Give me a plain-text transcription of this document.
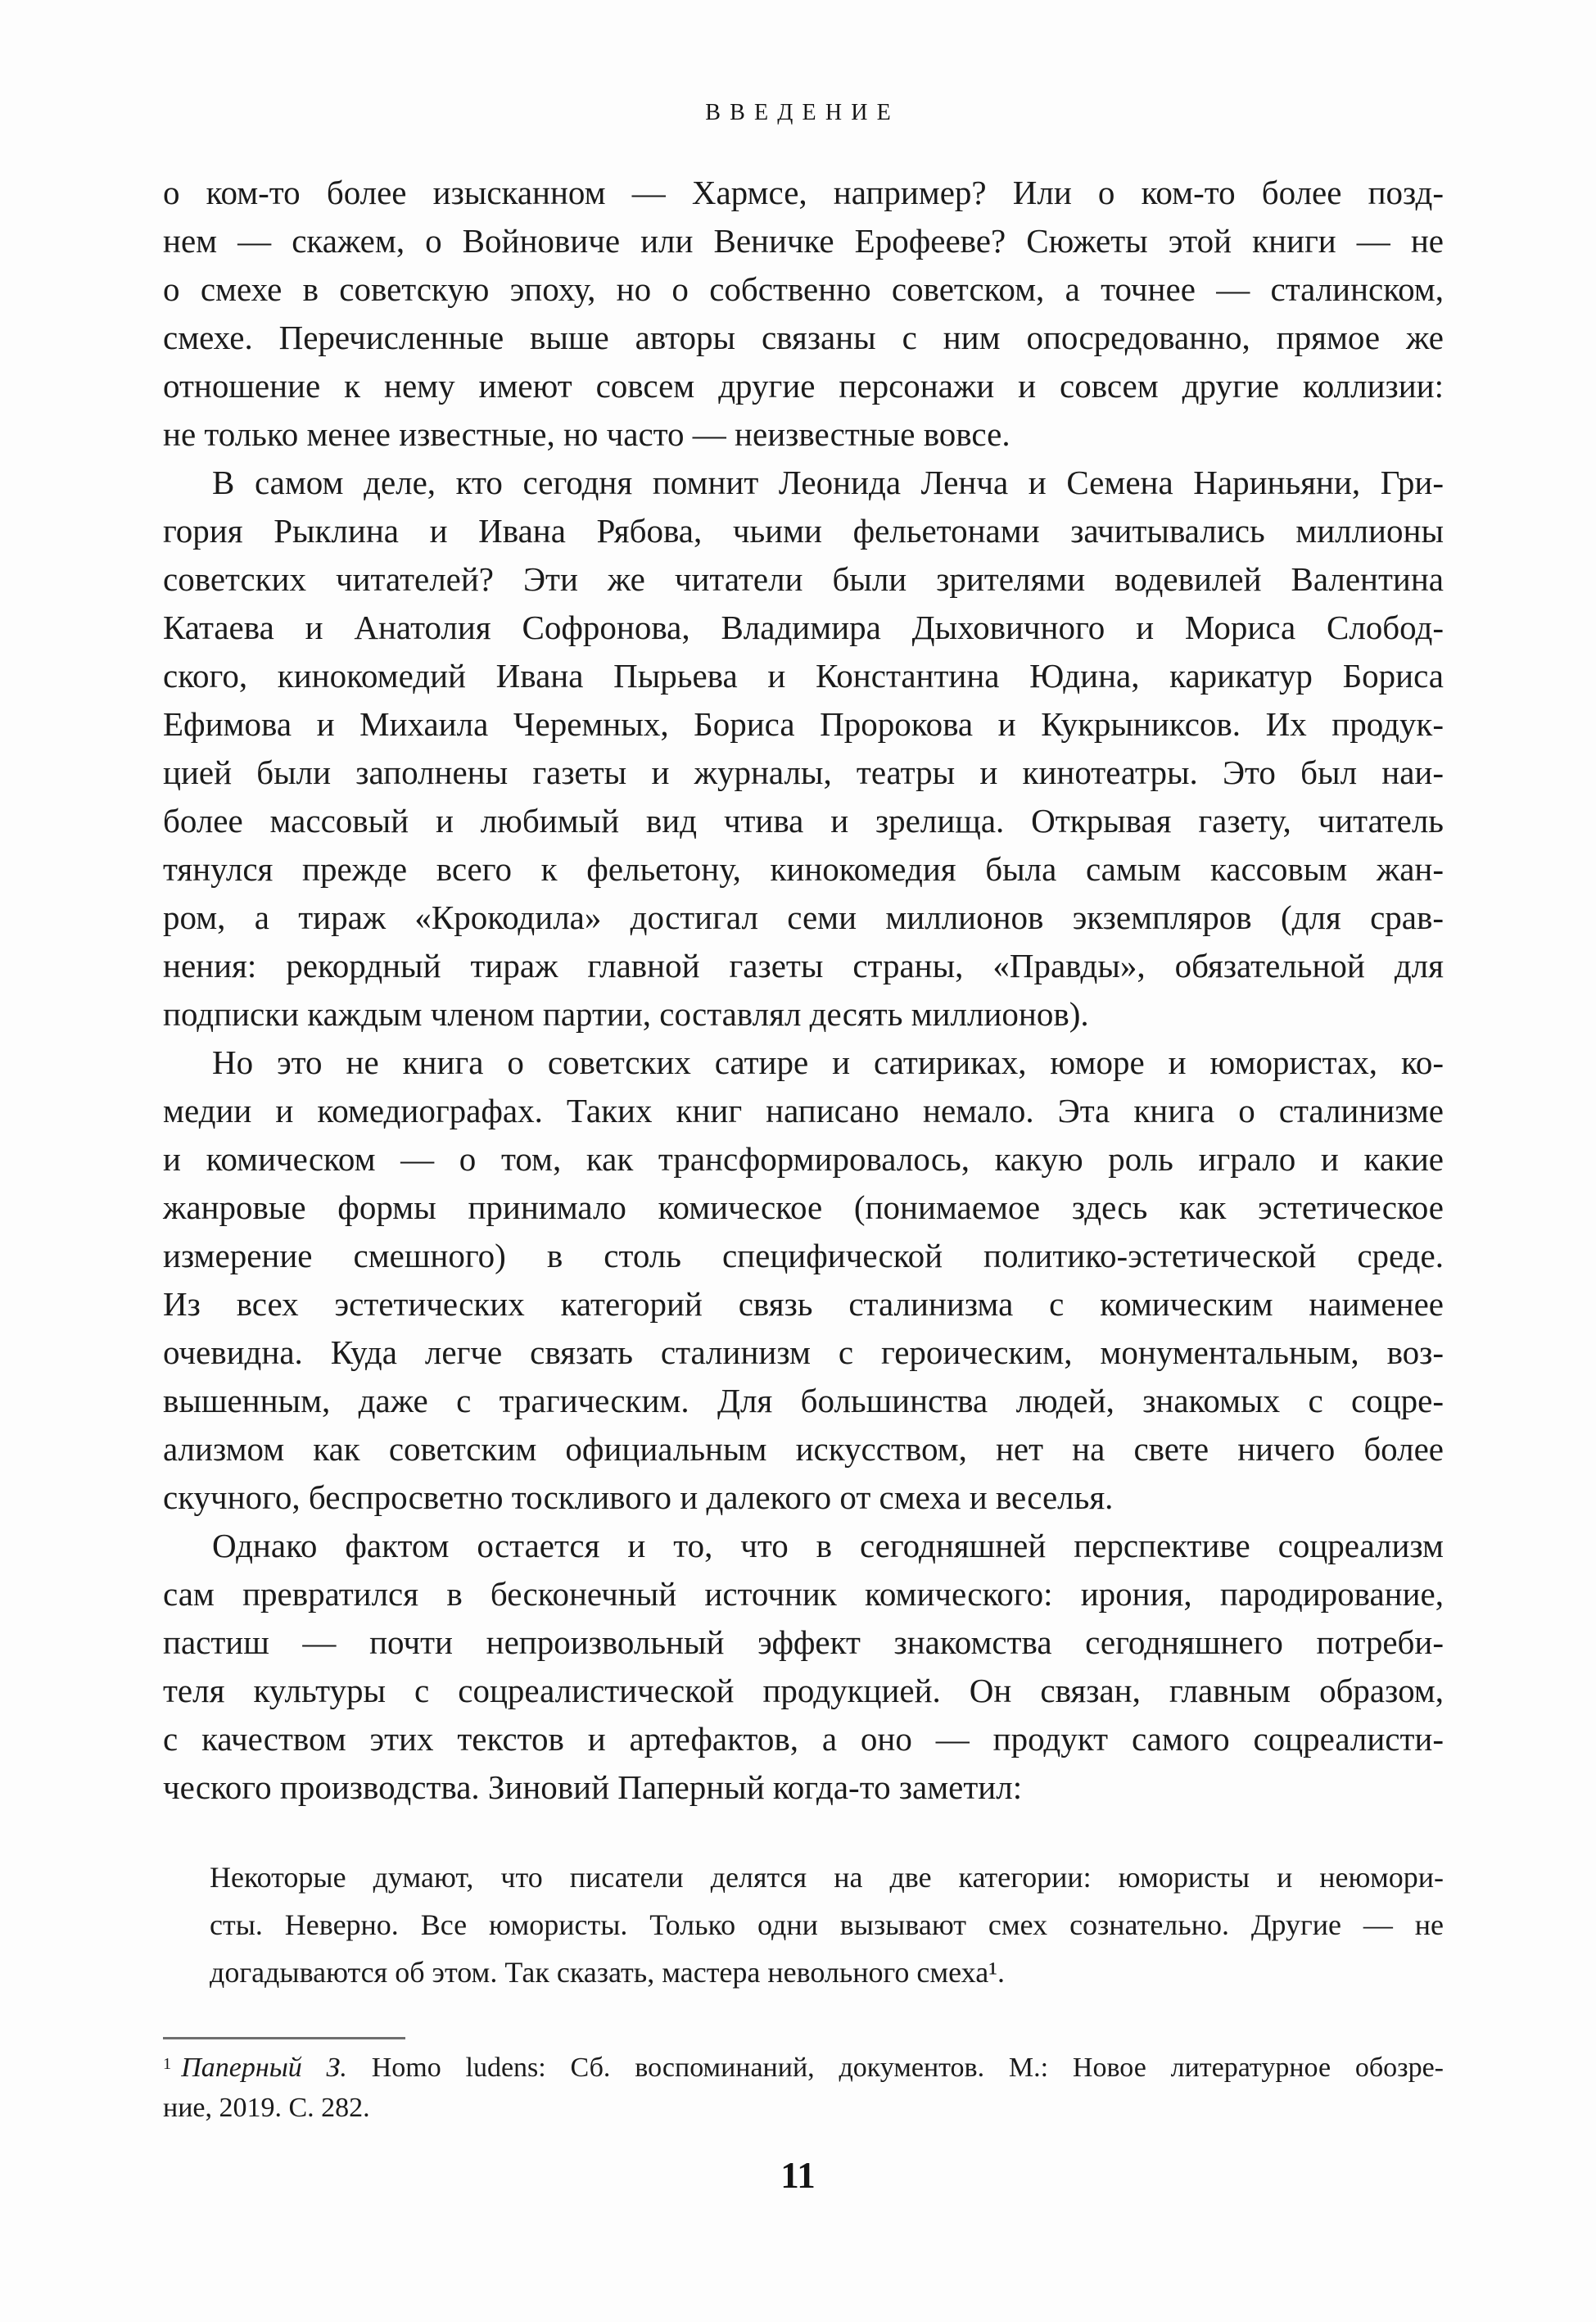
ВВЕДЕНИЕ
о ком-то более изысканном — Хармсе, например? Или о ком-то более позд-
нем — скажем, о Войновиче или Веничке Ерофееве? Сюжеты этой книги — не
о смехе в советскую эпоху, но о собственно советском, а точнее — сталинском,
смехе. Перечисленные выше авторы связаны с ним опосредованно, прямое же
отношение к нему имеют совсем другие персонажи и совсем другие коллизии:
не только менее известные, но часто — неизвестные вовсе.
В самом деле, кто сегодня помнит Леонида Ленча и Семена Нариньяни, Гри-
гория Рыклина и Ивана Рябова, чьими фельетонами зачитывались миллионы
советских читателей? Эти же читатели были зрителями водевилей Валентина
Катаева и Анатолия Софронова, Владимира Дыховичного и Мориса Слобод-
ского, кинокомедий Ивана Пырьева и Константина Юдина, карикатур Бориса
Ефимова и Михаила Черемных, Бориса Пророкова и Кукрыниксов. Их продук-
цией были заполнены газеты и журналы, театры и кинотеатры. Это был наи-
более массовый и любимый вид чтива и зрелища. Открывая газету, читатель
тянулся прежде всего к фельетону, кинокомедия была самым кассовым жан-
ром, а тираж «Крокодила» достигал семи миллионов экземпляров (для срав-
нения: рекордный тираж главной газеты страны, «Правды», обязательной для
подписки каждым членом партии, составлял десять миллионов).
Но это не книга о советских сатире и сатириках, юморе и юмористах, ко-
медии и комедиографах. Таких книг написано немало. Эта книга о сталинизме
и комическом — о том, как трансформировалось, какую роль играло и какие
жанровые формы принимало комическое (понимаемое здесь как эстетическое
измерение смешного) в столь специфической политико-эстетической среде.
Из всех эстетических категорий связь сталинизма с комическим наименее
очевидна. Куда легче связать сталинизм с героическим, монументальным, воз-
вышенным, даже с трагическим. Для большинства людей, знакомых с соцре-
ализмом как советским официальным искусством, нет на свете ничего более
скучного, беспросветно тоскливого и далекого от смеха и веселья.
Однако фактом остается и то, что в сегодняшней перспективе соцреализм
сам превратился в бесконечный источник комического: ирония, пародирование,
пастиш — почти непроизвольный эффект знакомства сегодняшнего потреби-
теля культуры с соцреалистической продукцией. Он связан, главным образом,
с качеством этих текстов и артефактов, а оно — продукт самого соцреалисти-
ческого производства. Зиновий Паперный когда-то заметил:
Некоторые думают, что писатели делятся на две категории: юмористы и неюмори-
сты. Неверно. Все юмористы. Только одни вызывают смех сознательно. Другие — не
догадываются об этом. Так сказать, мастера невольного смеха¹.
$^1$ Паперный З. Homo ludens: Сб. воспоминаний, документов. М.: Новое литературное обозре-
ние, 2019. С. 282.
11
